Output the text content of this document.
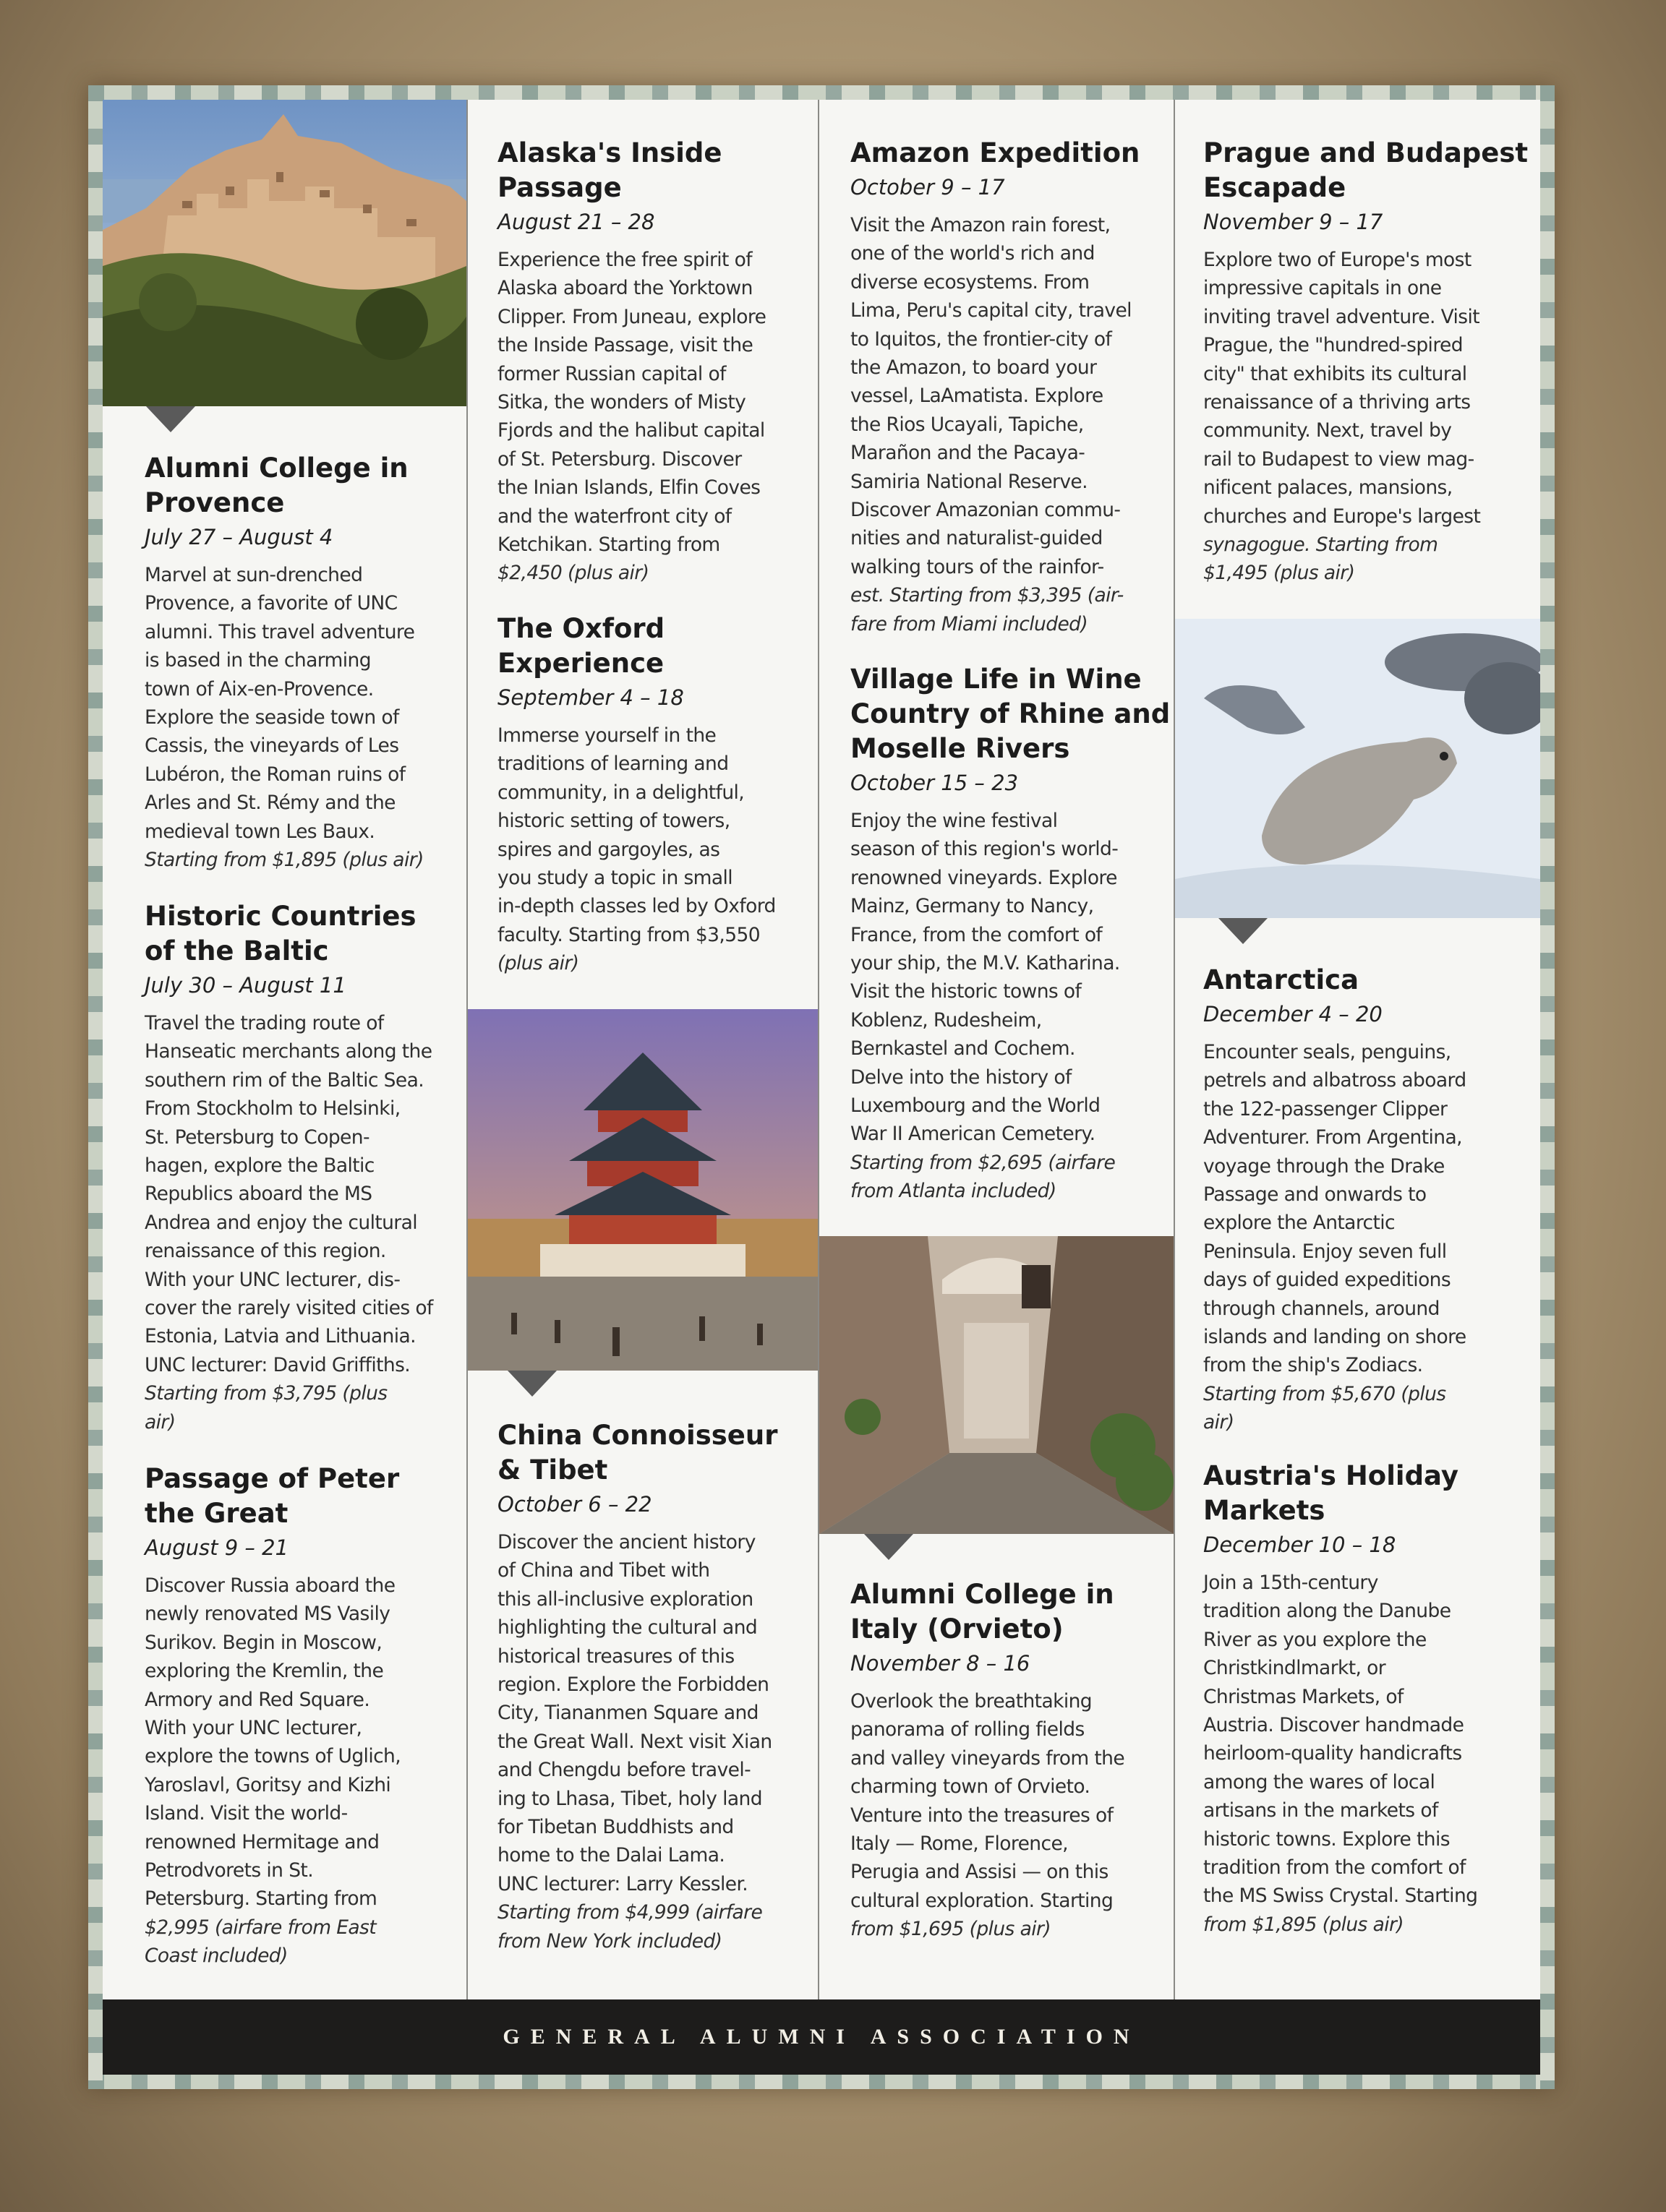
Alumni College in
Provence
July 27 – August 4

Marvel at sun-drenched
Provence, a favorite of UNC
alumni. This travel adventure
is based in the charming
town of Aix-en-Provence.
Explore the seaside town of
Cassis, the vineyards of Les
Lubéron, the Roman ruins of
Arles and St. Rémy and the
medieval town Les Baux.
Starting from $1,895 (plus air)

Historic Countries
of the Baltic
July 30 – August 11

Travel the trading route of
Hanseatic merchants along the
southern rim of the Baltic Sea.
From Stockholm to Helsinki,
St. Petersburg to Copen-
hagen, explore the Baltic
Republics aboard the MS
Andrea and enjoy the cultural
renaissance of this region.
With your UNC lecturer, dis-
cover the rarely visited cities of
Estonia, Latvia and Lithuania.
UNC lecturer: David Griffiths.
Starting from $3,795 (plus
air)

Passage of Peter
the Great
August 9 – 21

Discover Russia aboard the
newly renovated MS Vasily
Surikov. Begin in Moscow,
exploring the Kremlin, the
Armory and Red Square.
With your UNC lecturer,
explore the towns of Uglich,
Yaroslavl, Goritsy and Kizhi
Island. Visit the world-
renowned Hermitage and
Petrodvorets in St.
Petersburg. Starting from
$2,995 (airfare from East
Coast included)

Alaska's Inside
Passage
August 21 – 28

Experience the free spirit of
Alaska aboard the Yorktown
Clipper. From Juneau, explore
the Inside Passage, visit the
former Russian capital of
Sitka, the wonders of Misty
Fjords and the halibut capital
of St. Petersburg. Discover
the Inian Islands, Elfin Coves
and the waterfront city of
Ketchikan. Starting from
$2,450 (plus air)

The Oxford
Experience
September 4 – 18

Immerse yourself in the
traditions of learning and
community, in a delightful,
historic setting of towers,
spires and gargoyles, as
you study a topic in small
in-depth classes led by Oxford
faculty. Starting from $3,550
(plus air)

China Connoisseur
& Tibet
October 6 – 22

Discover the ancient history
of China and Tibet with
this all-inclusive exploration
highlighting the cultural and
historical treasures of this
region. Explore the Forbidden
City, Tiananmen Square and
the Great Wall. Next visit Xian
and Chengdu before travel-
ing to Lhasa, Tibet, holy land
for Tibetan Buddhists and
home to the Dalai Lama.
UNC lecturer: Larry Kessler.
Starting from $4,999 (airfare
from New York included)

Amazon Expedition
October 9 – 17

Visit the Amazon rain forest,
one of the world's rich and
diverse ecosystems. From
Lima, Peru's capital city, travel
to Iquitos, the frontier-city of
the Amazon, to board your
vessel, LaAmatista. Explore
the Rios Ucayali, Tapiche,
Marañon and the Pacaya-
Samiria National Reserve.
Discover Amazonian commu-
nities and naturalist-guided
walking tours of the rainfor-
est. Starting from $3,395 (air-
fare from Miami included)

Village Life in Wine
Country of Rhine and
Moselle Rivers
October 15 – 23

Enjoy the wine festival
season of this region's world-
renowned vineyards. Explore
Mainz, Germany to Nancy,
France, from the comfort of
your ship, the M.V. Katharina.
Visit the historic towns of
Koblenz, Rudesheim,
Bernkastel and Cochem.
Delve into the history of
Luxembourg and the World
War II American Cemetery.
Starting from $2,695 (airfare
from Atlanta included)

Alumni College in
Italy (Orvieto)
November 8 – 16

Overlook the breathtaking
panorama of rolling fields
and valley vineyards from the
charming town of Orvieto.
Venture into the treasures of
Italy — Rome, Florence,
Perugia and Assisi — on this
cultural exploration. Starting
from $1,695 (plus air)

Prague and Budapest
Escapade
November 9 – 17

Explore two of Europe's most
impressive capitals in one
inviting travel adventure. Visit
Prague, the "hundred-spired
city" that exhibits its cultural
renaissance of a thriving arts
community. Next, travel by
rail to Budapest to view mag-
nificent palaces, mansions,
churches and Europe's largest
synagogue. Starting from
$1,495 (plus air)

Antarctica
December 4 – 20

Encounter seals, penguins,
petrels and albatross aboard
the 122-passenger Clipper
Adventurer. From Argentina,
voyage through the Drake
Passage and onwards to
explore the Antarctic
Peninsula. Enjoy seven full
days of guided expeditions
through channels, around
islands and landing on shore
from the ship's Zodiacs.
Starting from $5,670 (plus
air)

Austria's Holiday
Markets
December 10 – 18

Join a 15th-century
tradition along the Danube
River as you explore the
Christkindlmarkt, or
Christmas Markets, of
Austria. Discover handmade
heirloom-quality handicrafts
among the wares of local
artisans in the markets of
historic towns. Explore this
tradition from the comfort of
the MS Swiss Crystal. Starting
from $1,895 (plus air)

GENERAL ALUMNI ASSOCIATION
